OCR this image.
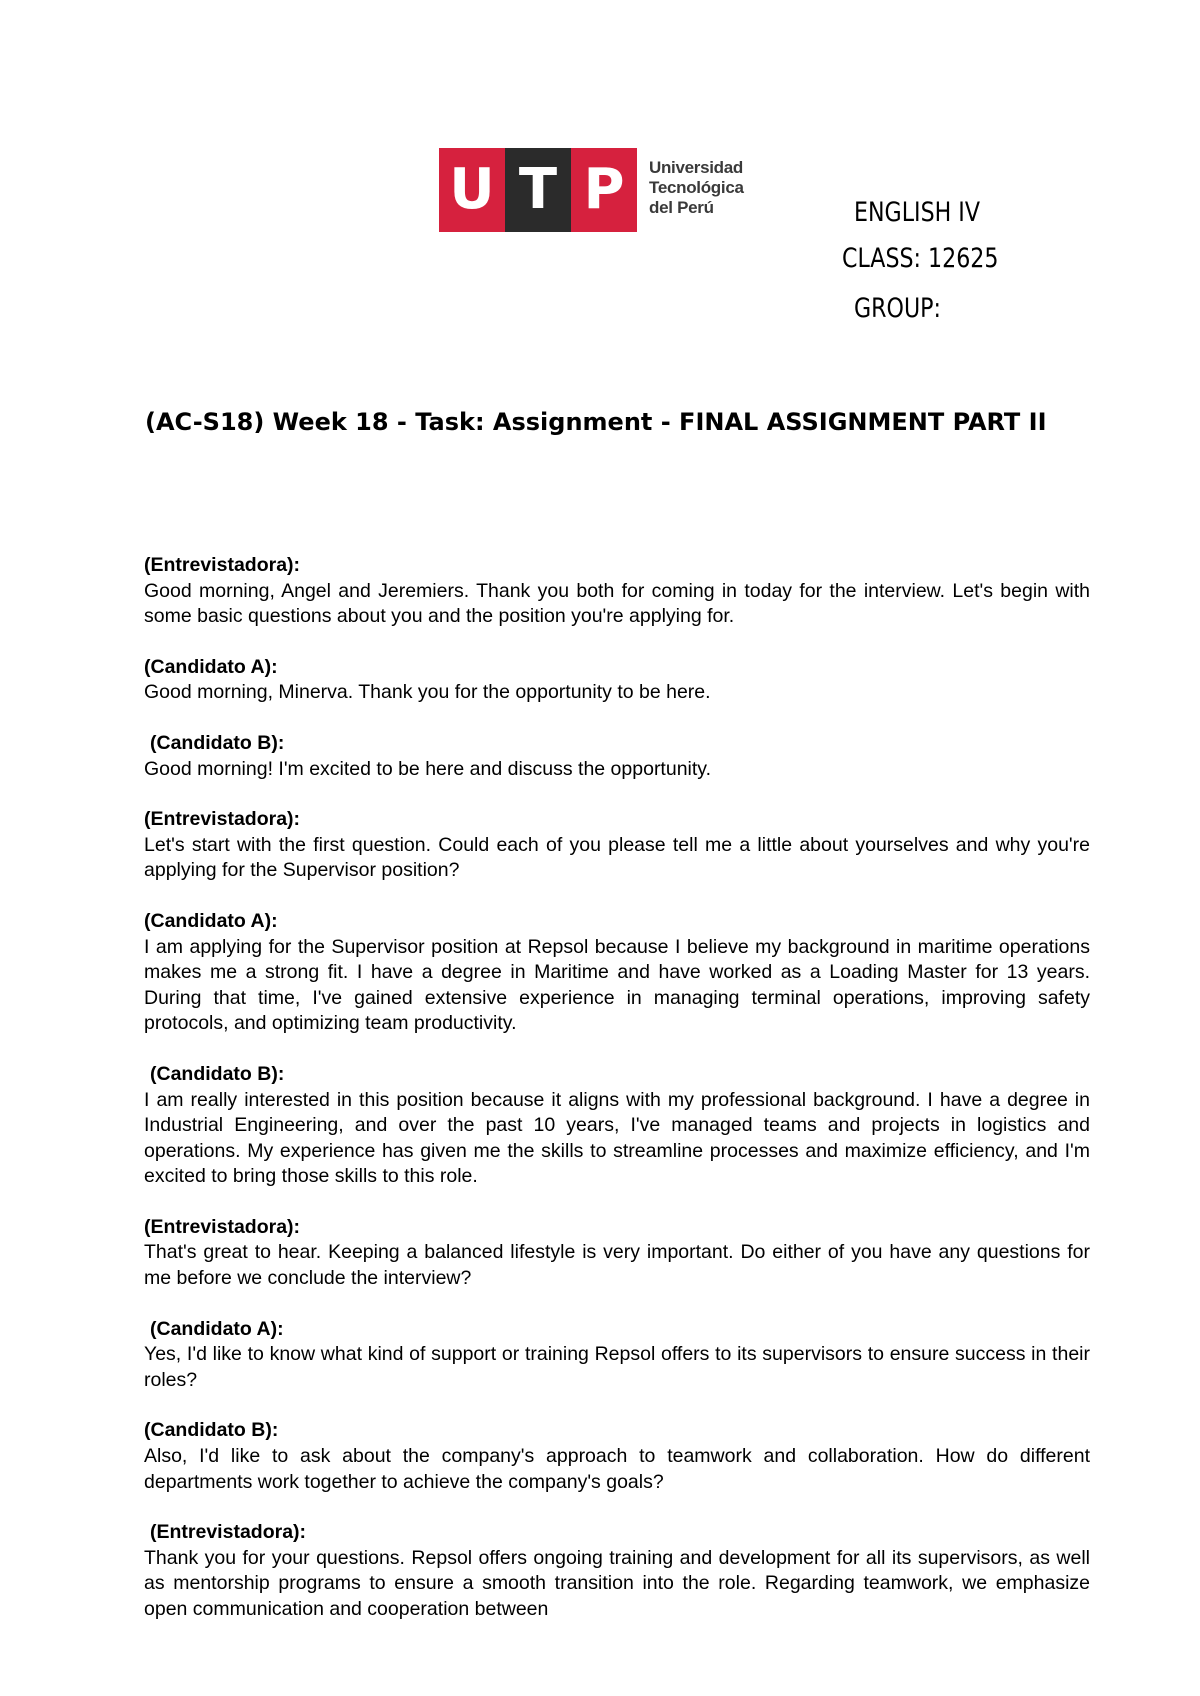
U T P	Universidad
Tecnológica
del Perú	ENGLISH IV
CLASS: 12625
GROUP:
(AC-S18) Week 18 - Task: Assignment - FINAL ASSIGNMENT PART II
(Entrevistadora):

Good morning, Angel and Jeremiers. Thank you both for coming in today for the interview. Let's begin with some basic questions about you and the position you're applying for.

(Candidato A):

Good morning, Minerva. Thank you for the opportunity to be here.

(Candidato B):

Good morning! I'm excited to be here and discuss the opportunity.

(Entrevistadora):

Let's start with the first question. Could each of you please tell me a little about yourselves and why you're applying for the Supervisor position?

(Candidato A):

I am applying for the Supervisor position at Repsol because I believe my background in maritime operations makes me a strong fit. I have a degree in Maritime and have worked as a Loading Master for 13 years. During that time, I've gained extensive experience in managing terminal operations, improving safety protocols, and optimizing team productivity.

(Candidato B):

I am really interested in this position because it aligns with my professional background. I have a degree in Industrial Engineering, and over the past 10 years, I've managed teams and projects in logistics and operations. My experience has given me the skills to streamline processes and maximize efficiency, and I'm excited to bring those skills to this role.

(Entrevistadora):

That's great to hear. Keeping a balanced lifestyle is very important. Do either of you have any questions for me before we conclude the interview?

(Candidato A):

Yes, I'd like to know what kind of support or training Repsol offers to its supervisors to ensure success in their roles?

(Candidato B):

Also, I'd like to ask about the company's approach to teamwork and collaboration. How do different departments work together to achieve the company's goals?

(Entrevistadora):

Thank you for your questions. Repsol offers ongoing training and development for all its supervisors, as well as mentorship programs to ensure a smooth transition into the role. Regarding teamwork, we emphasize open communication and cooperation between
